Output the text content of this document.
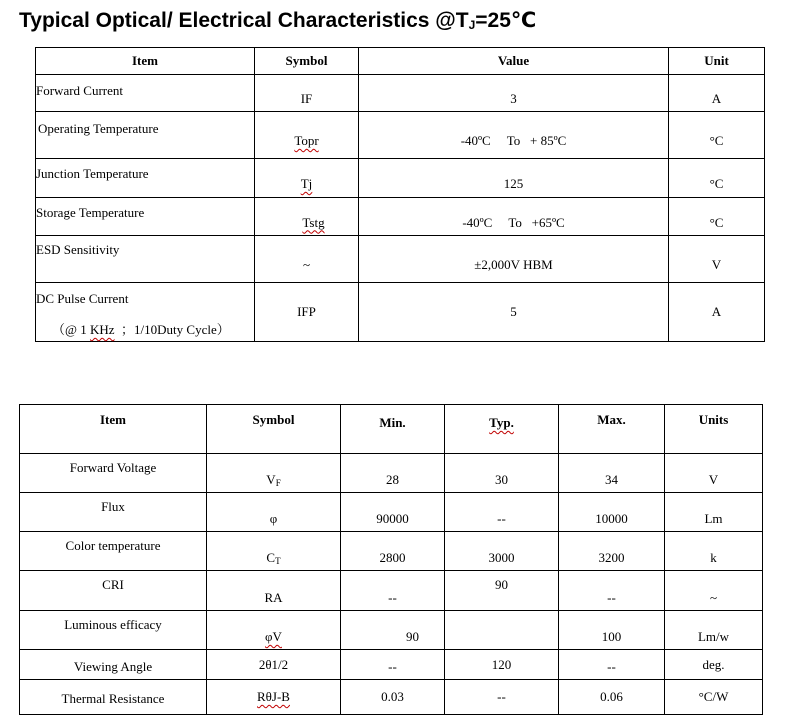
Typical Optical/ Electrical Characteristics $@T_J=25℃$
Item	Symbol	Value	Unit
Forward Current	IF	3	A
Operating Temperature	Topr	-40ºC     To   + 85ºC	°C
Junction Temperature	Tj	125	°C
Storage Temperature	Tstg	-40ºC     To   +65ºC	°C
ESD Sensitivity	~	±2,000V HBM	V
DC Pulse Current
（@ 1 KHz  ；1/10Duty Cycle）	IFP	5	A
Item	Symbol	Min.	Typ.	Max.	Units
Forward Voltage	$V_F$	28	30	34	V
Flux	φ	90000	--	10000	Lm
Color temperature	$C_T$	2800	3000	3200	k
CRI	RA	--	90	--	~
Luminous efficacy	φV	90		100	Lm/w
Viewing Angle	2θ1/2	--	120	--	deg.
Thermal Resistance	RθJ-B	0.03	--	0.06	°C/W
